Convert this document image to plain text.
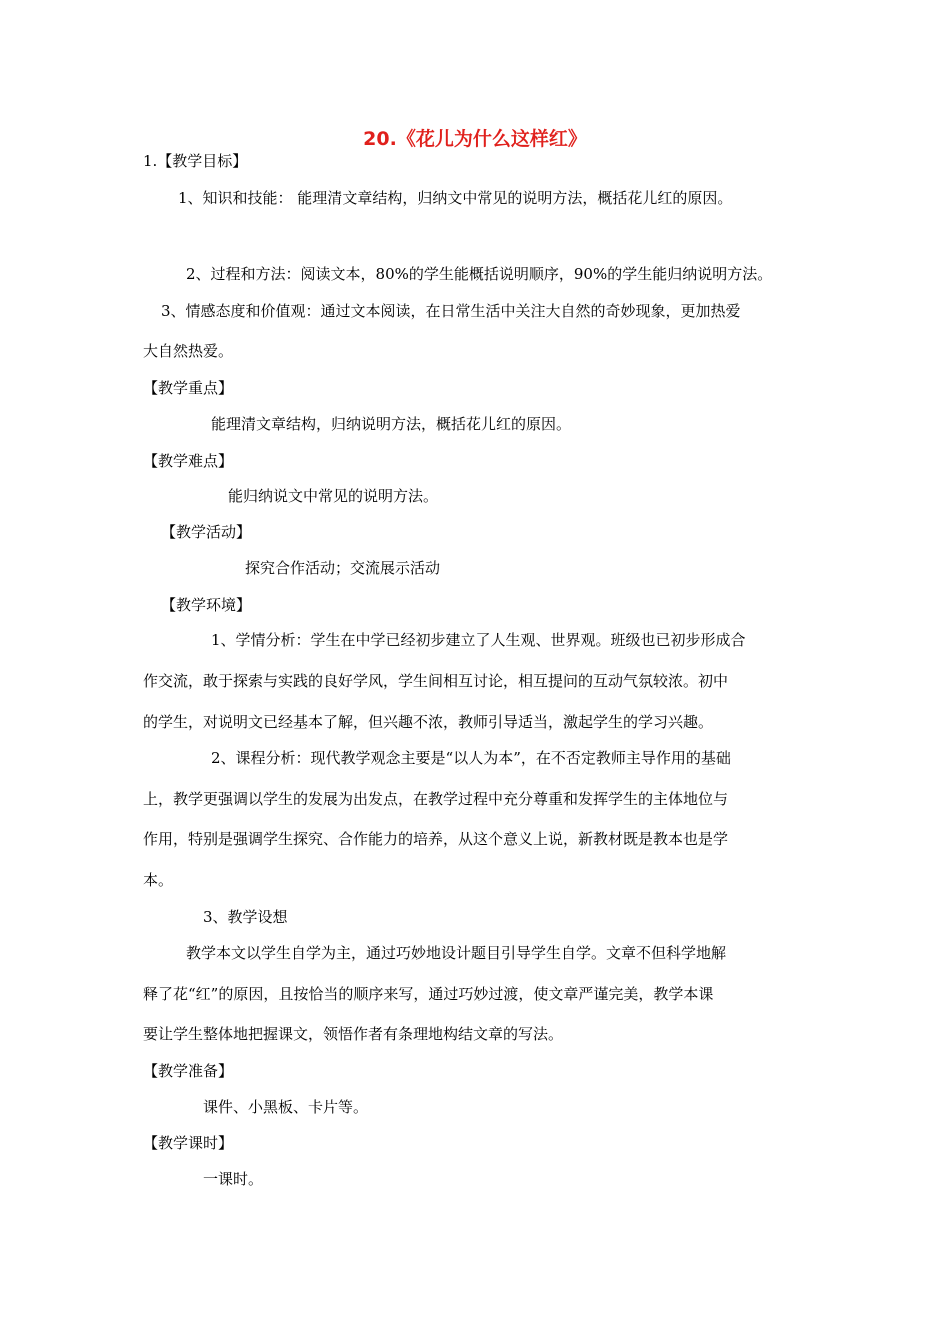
20.《花儿为什么这样红》
1.【教学目标】
1、知识和技能： 能理清文章结构，归纳文中常见的说明方法，概括花儿红的原因。
2、过程和方法：阅读文本，80%的学生能概括说明顺序，90%的学生能归纳说明方法。
3、情感态度和价值观：通过文本阅读，在日常生活中关注大自然的奇妙现象，更加热爱
大自然热爱。
【教学重点】
能理清文章结构，归纳说明方法，概括花儿红的原因。
【教学难点】
能归纳说文中常见的说明方法。
【教学活动】
探究合作活动；交流展示活动
【教学环境】
1、学情分析：学生在中学已经初步建立了人生观、世界观。班级也已初步形成合
作交流，敢于探索与实践的良好学风，学生间相互讨论，相互提问的互动气氛较浓。初中
的学生，对说明文已经基本了解，但兴趣不浓，教师引导适当，激起学生的学习兴趣。
2、课程分析：现代教学观念主要是“以人为本”，在不否定教师主导作用的基础
上，教学更强调以学生的发展为出发点，在教学过程中充分尊重和发挥学生的主体地位与
作用，特别是强调学生探究、合作能力的培养，从这个意义上说，新教材既是教本也是学
本。
3、教学设想
教学本文以学生自学为主，通过巧妙地设计题目引导学生自学。文章不但科学地解
释了花“红”的原因，且按恰当的顺序来写，通过巧妙过渡，使文章严谨完美，教学本课
要让学生整体地把握课文，领悟作者有条理地构结文章的写法。
【教学准备】
课件、小黑板、卡片等。
【教学课时】
一课时。
